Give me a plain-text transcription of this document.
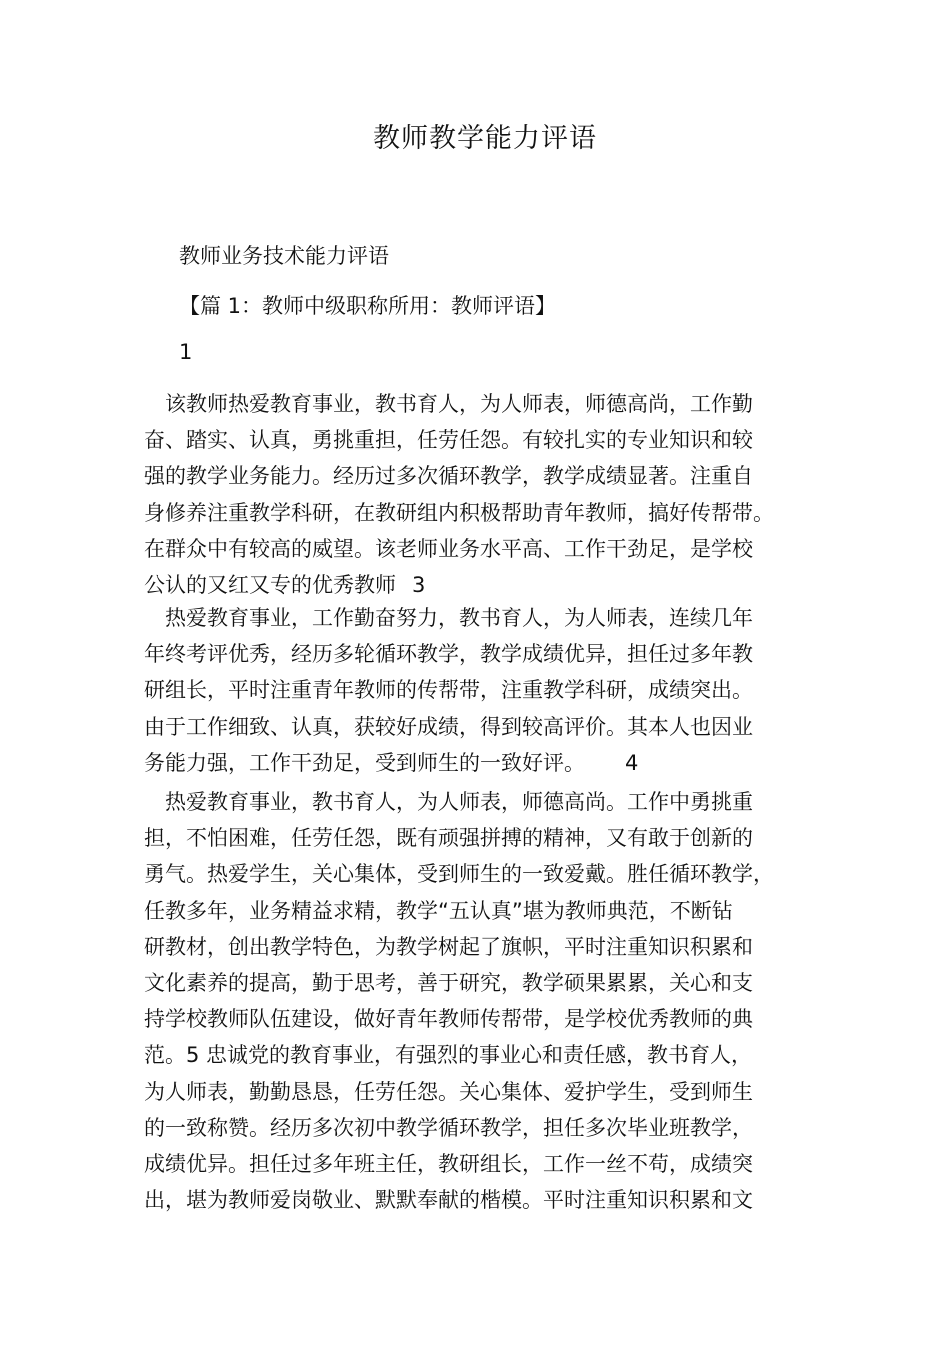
教师教学能力评语

教师业务技术能力评语

【篇 1：教师中级职称所用：教师评语】

1

　该教师热爱教育事业，教书育人，为人师表，师德高尚，工作勤
奋、踏实、认真，勇挑重担，任劳任怨。有较扎实的专业知识和较
强的教学业务能力。经历过多次循环教学，教学成绩显著。注重自
身修养注重教学科研，在教研组内积极帮助青年教师，搞好传帮带。
在群众中有较高的威望。该老师业务水平高、工作干劲足，是学校
公认的又红又专的优秀教师 3

　热爱教育事业，工作勤奋努力，教书育人，为人师表，连续几年
年终考评优秀，经历多轮循环教学，教学成绩优异，担任过多年教
研组长，平时注重青年教师的传帮带，注重教学科研，成绩突出。
由于工作细致、认真，获较好成绩，得到较高评价。其本人也因业
务能力强，工作干劲足，受到师生的一致好评。 4

　热爱教育事业，教书育人，为人师表，师德高尚。工作中勇挑重
担，不怕困难，任劳任怨，既有顽强拼搏的精神，又有敢于创新的
勇气。热爱学生，关心集体，受到师生的一致爱戴。胜任循环教学，
任教多年，业务精益求精，教学“五认真”堪为教师典范，不断钻
研教材，创出教学特色，为教学树起了旗帜，平时注重知识积累和
文化素养的提高，勤于思考，善于研究，教学硕果累累，关心和支
持学校教师队伍建设，做好青年教师传帮带，是学校优秀教师的典
范。5 忠诚党的教育事业，有强烈的事业心和责任感，教书育人，
为人师表，勤勤恳恳，任劳任怨。关心集体、爱护学生，受到师生
的一致称赞。经历多次初中教学循环教学，担任多次毕业班教学，
成绩优异。担任过多年班主任，教研组长，工作一丝不苟，成绩突
出，堪为教师爱岗敬业、默默奉献的楷模。平时注重知识积累和文
